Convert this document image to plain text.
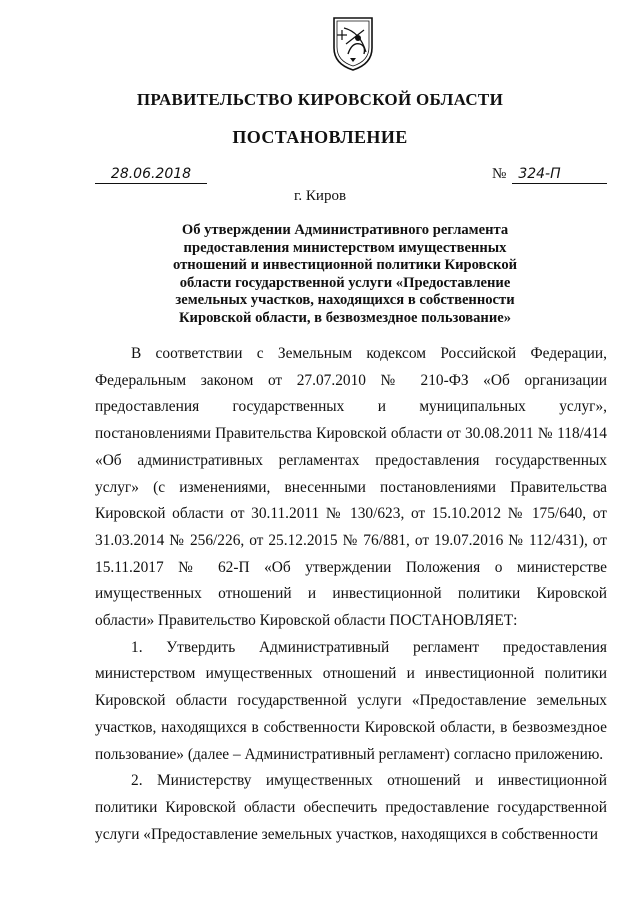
ПРАВИТЕЛЬСТВО КИРОВСКОЙ ОБЛАСТИ
ПОСТАНОВЛЕНИЕ
28.06.2018	№ 324-П
г. Киров
Об утверждении Административного регламента предоставления министерством имущественных отношений и инвестиционной политики Кировской области государственной услуги «Предоставление земельных участков, находящихся в собственности Кировской области, в безвозмездное пользование»

В соответствии с Земельным кодексом Российской Федерации, Федеральным законом от 27.07.2010 № 210-ФЗ «Об организации предоставления государственных и муниципальных услуг», постановлениями Правительства Кировской области от 30.08.2011 № 118/414 «Об административных регламентах предоставления государственных услуг» (с изменениями, внесенными постановлениями Правительства Кировской области от 30.11.2011 № 130/623, от 15.10.2012 № 175/640, от 31.03.2014 № 256/226, от 25.12.2015 № 76/881, от 19.07.2016 № 112/431), от 15.11.2017 № 62-П «Об утверждении Положения о министерстве имущественных отношений и инвестиционной политики Кировской области» Правительство Кировской области ПОСТАНОВЛЯЕТ:

1. Утвердить Административный регламент предоставления министерством имущественных отношений и инвестиционной политики Кировской области государственной услуги «Предоставление земельных участков, находящихся в собственности Кировской области, в безвозмездное пользование» (далее – Административный регламент) согласно приложению.

2. Министерству имущественных отношений и инвестиционной политики Кировской области обеспечить предоставление государственной услуги «Предоставление земельных участков, находящихся в собственности
